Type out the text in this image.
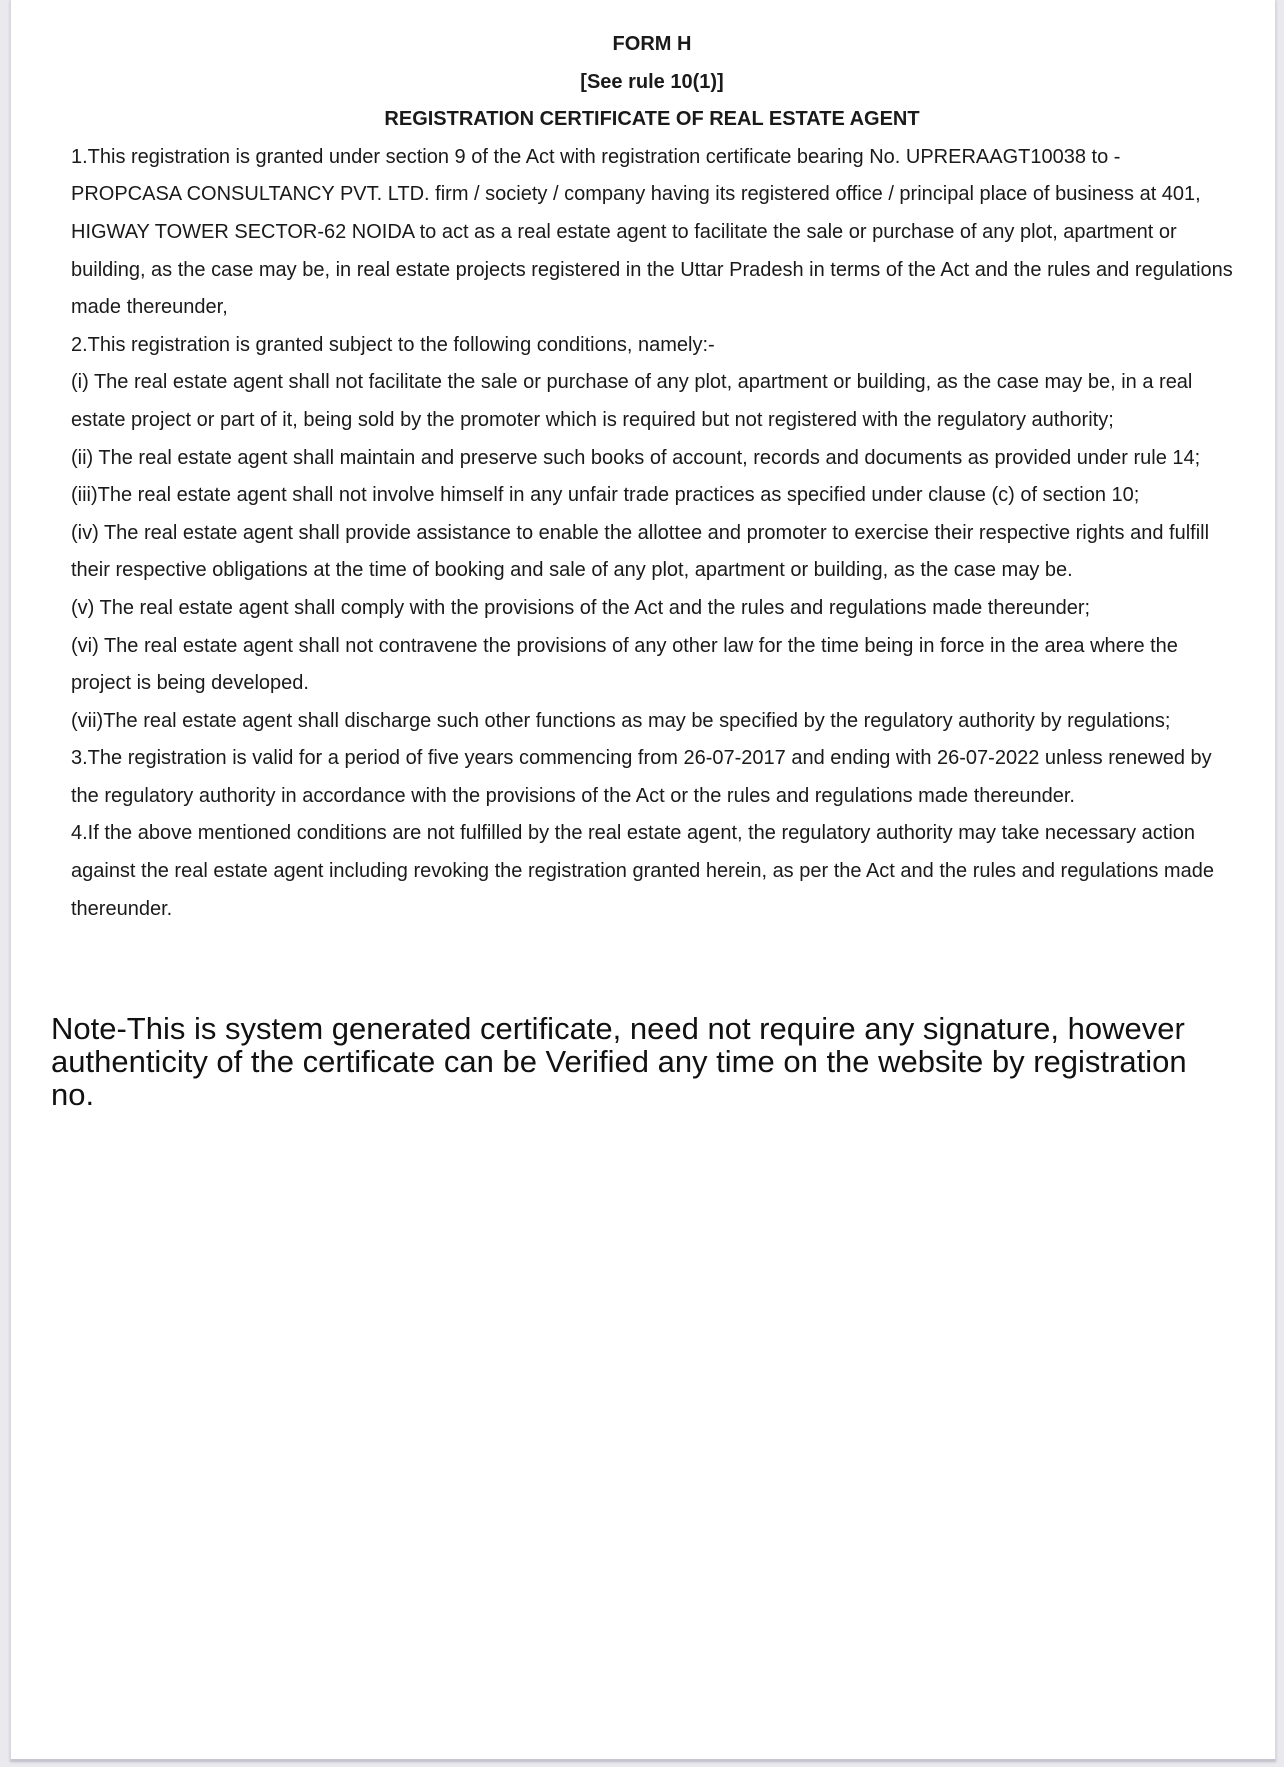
FORM H
[See rule 10(1)]
REGISTRATION CERTIFICATE OF REAL ESTATE AGENT

1.This registration is granted under section 9 of the Act with registration certificate bearing No. UPRERAAGT10038 to - PROPCASA CONSULTANCY PVT. LTD. firm / society / company having its registered office / principal place of business at 401, HIGWAY TOWER SECTOR-62 NOIDA to act as a real estate agent to facilitate the sale or purchase of any plot, apartment or building, as the case may be, in real estate projects registered in the Uttar Pradesh in terms of the Act and the rules and regulations made thereunder,

2.This registration is granted subject to the following conditions, namely:-

(i) The real estate agent shall not facilitate the sale or purchase of any plot, apartment or building, as the case may be, in a real estate project or part of it, being sold by the promoter which is required but not registered with the regulatory authority;

(ii) The real estate agent shall maintain and preserve such books of account, records and documents as provided under rule 14;

(iii)The real estate agent shall not involve himself in any unfair trade practices as specified under clause (c) of section 10;

(iv) The real estate agent shall provide assistance to enable the allottee and promoter to exercise their respective rights and fulfill their respective obligations at the time of booking and sale of any plot, apartment or building, as the case may be.

(v) The real estate agent shall comply with the provisions of the Act and the rules and regulations made thereunder;

(vi) The real estate agent shall not contravene the provisions of any other law for the time being in force in the area where the project is being developed.

(vii)The real estate agent shall discharge such other functions as may be specified by the regulatory authority by regulations;

3.The registration is valid for a period of five years commencing from 26-07-2017 and ending with 26-07-2022 unless renewed by the regulatory authority in accordance with the provisions of the Act or the rules and regulations made thereunder.

4.If the above mentioned conditions are not fulfilled by the real estate agent, the regulatory authority may take necessary action against the real estate agent including revoking the registration granted herein, as per the Act and the rules and regulations made thereunder.

Note-This is system generated certificate, need not require any signature, however
authenticity of the certificate can be Verified any time on the website by registration
no.
